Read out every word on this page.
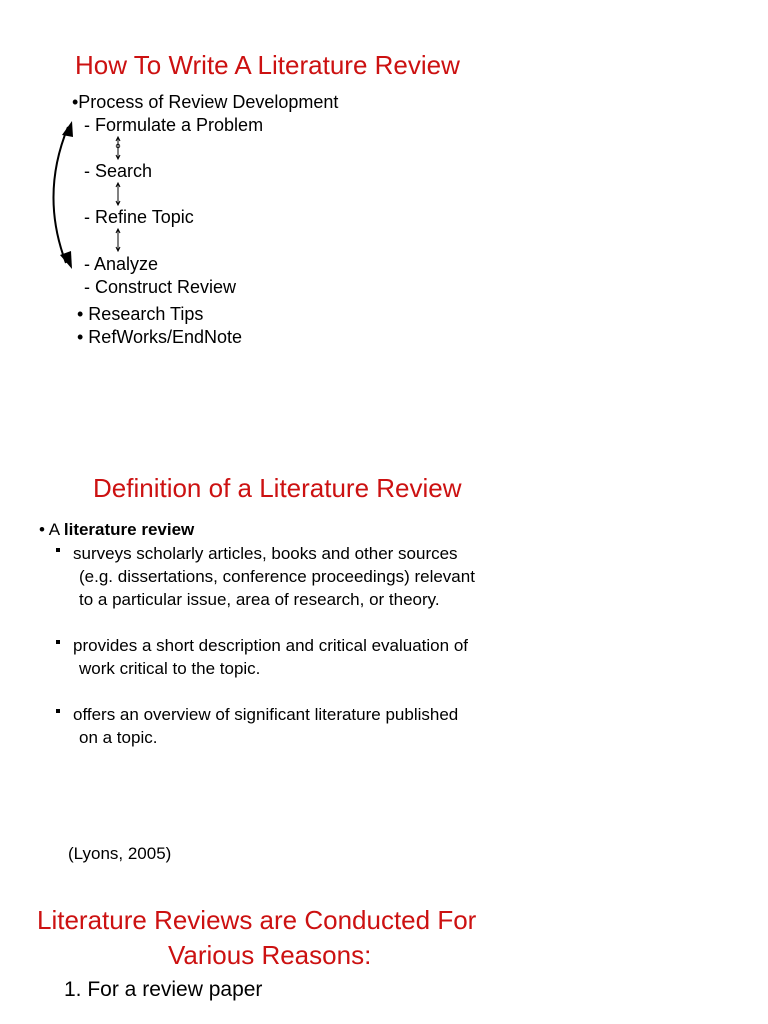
How To Write A Literature Review
•Process of Review Development
- Formulate a Problem
- Search
- Refine Topic
- Analyze
- Construct Review
• Research Tips
• RefWorks/EndNote
Definition of a Literature Review
• A literature review
surveys scholarly articles, books and other sources
(e.g. dissertations, conference proceedings) relevant
to a particular issue, area of research, or theory.
provides a short description and critical evaluation of
work critical to the topic.
offers an overview of significant literature published
on a topic.
(Lyons, 2005)
Literature Reviews are Conducted For
Various Reasons:
1. For a review paper
